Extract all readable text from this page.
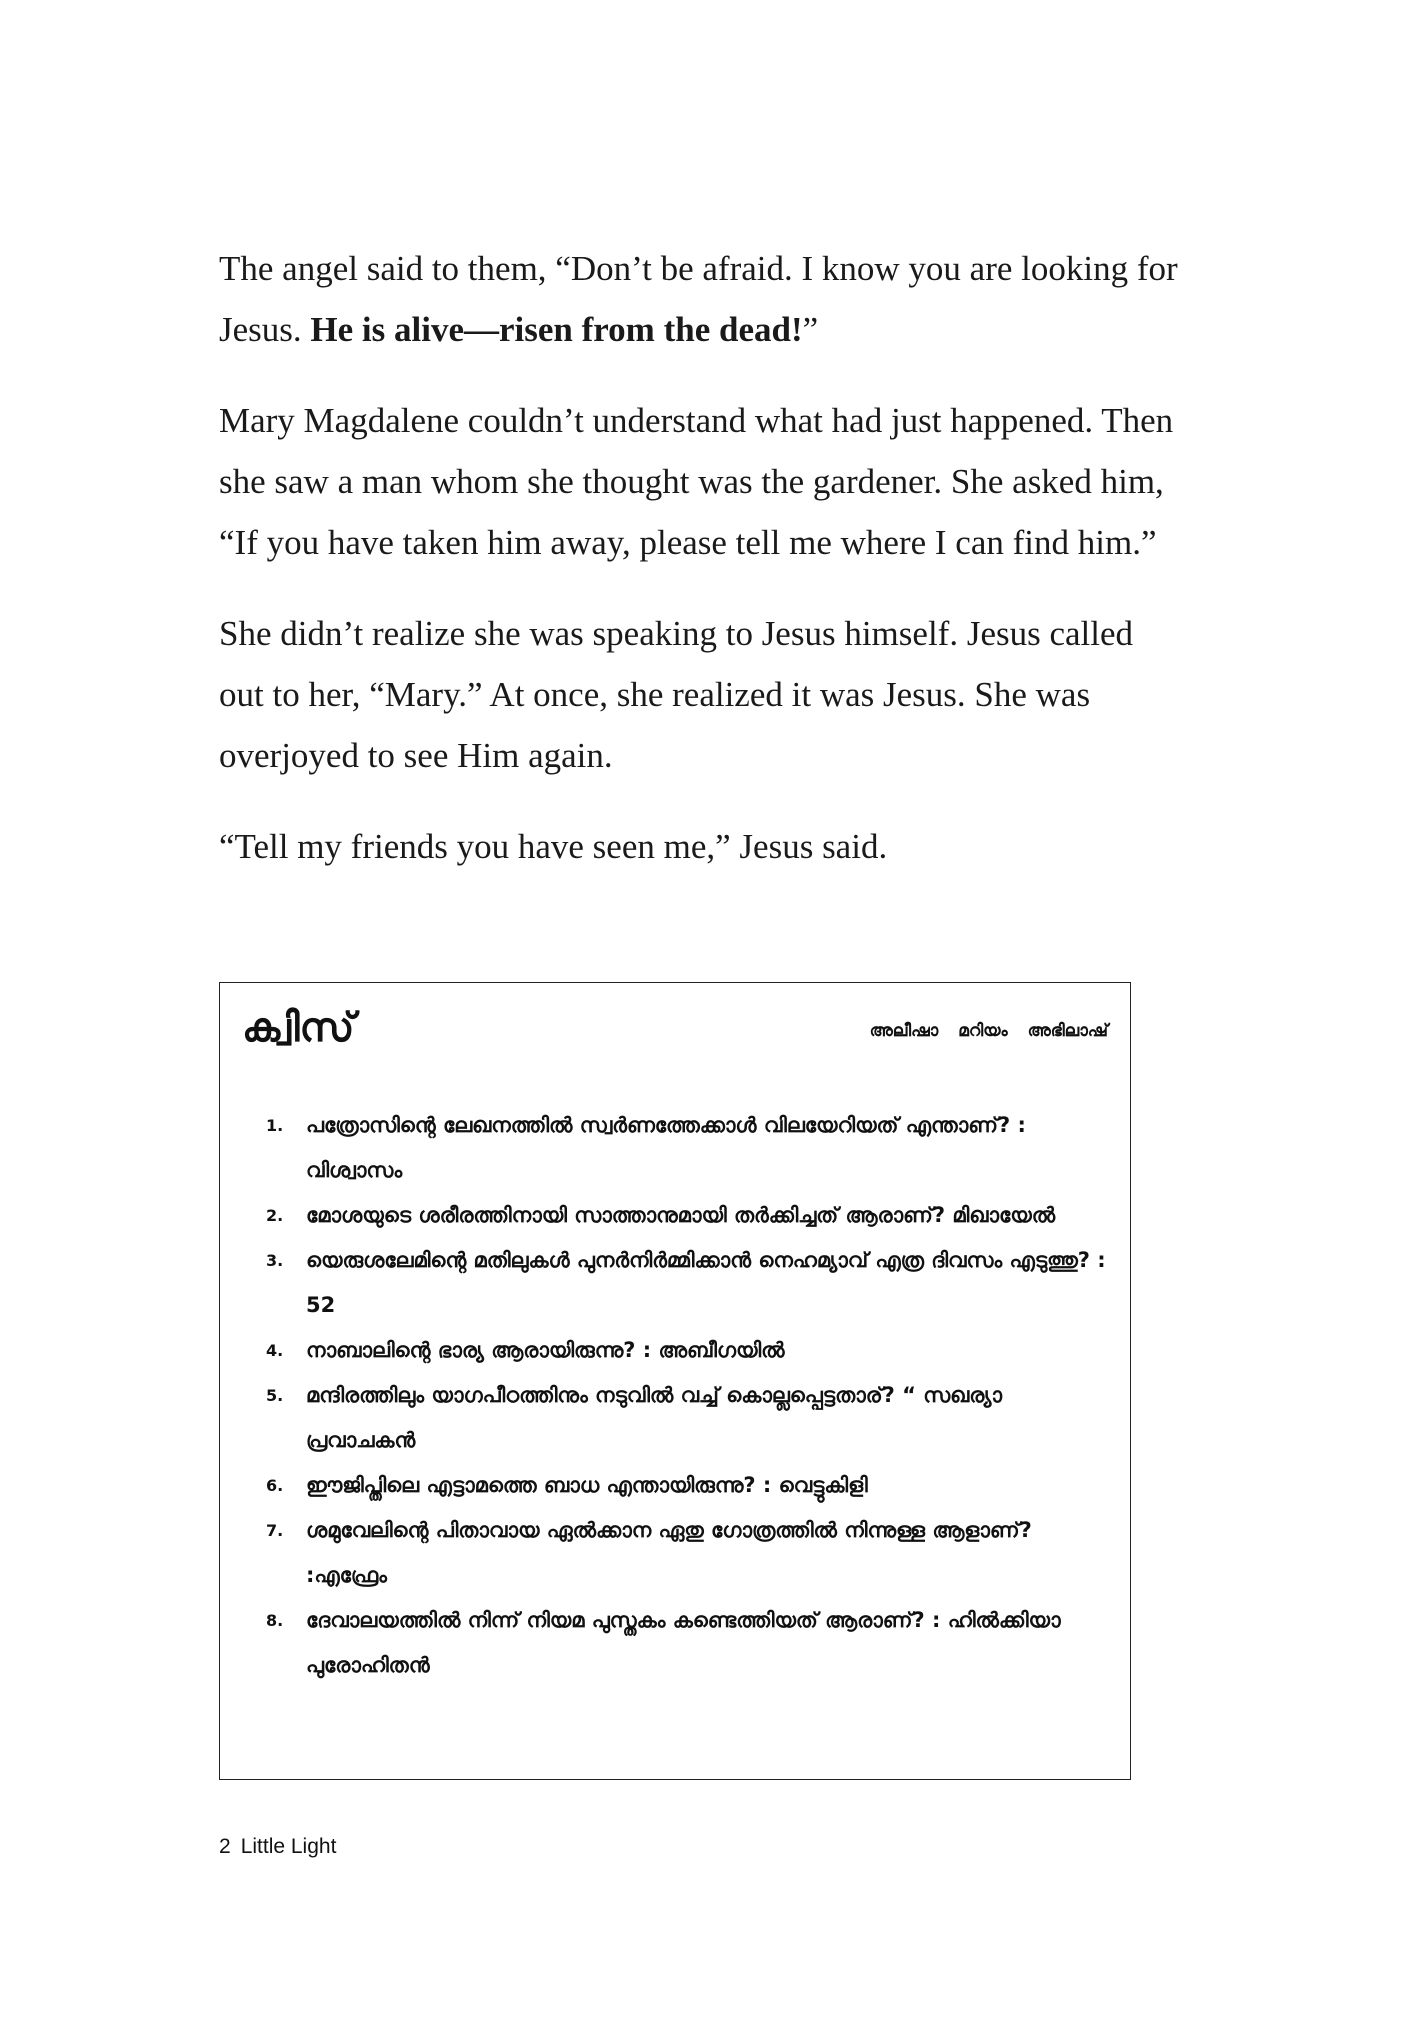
The angel said to them, “Don’t be afraid. I know you are looking for Jesus. He is alive—risen from the dead!”

Mary Magdalene couldn’t understand what had just happened. Then she saw a man whom she thought was the gardener. She asked him, “If you have taken him away, please tell me where I can find him.”

She didn’t realize she was speaking to Jesus himself. Jesus called out to her, “Mary.” At once, she realized it was Jesus. She was overjoyed to see Him again.

“Tell my friends you have seen me,” Jesus said.

ക്വിസ്	അലീഷാ മറിയം അഭിലാഷ്
1.	പത്രോസിന്റെ ലേഖനത്തിൽ സ്വർണത്തേക്കാൾ വിലയേറിയത് എന്താണ്? : വിശ്വാസം
2.	മോശയുടെ ശരീരത്തിനായി സാത്താനുമായി തർക്കിച്ചത് ആരാണ്? മിഖായേൽ
3.	യെരുശലേമിന്റെ മതിലുകൾ പുനർനിർമ്മിക്കാൻ നെഹമ്യാവ് എത്ര ദിവസം എടുത്തു? : 52
4.	നാബാലിന്റെ ഭാര്യ ആരായിരുന്നു? : അബീഗയിൽ
5.	മന്ദിരത്തിലും യാഗപീഠത്തിനും നടുവിൽ വച്ച് കൊല്ലപ്പെട്ടതാര്? “ സഖര്യാ പ്രവാചകൻ
6.	ഈജിപ്തിലെ എട്ടാമത്തെ ബാധ എന്തായിരുന്നു? : വെട്ടുകിളി
7.	ശമുവേലിന്റെ പിതാവായ ഏൽക്കാന ഏതു ഗോത്രത്തിൽ നിന്നുള്ള ആളാണ്? :എഫ്രേം
8.	ദേവാലയത്തിൽ നിന്ന് നിയമ പുസ്തകം കണ്ടെത്തിയത് ആരാണ്? : ഹിൽക്കിയാ പുരോഹിതൻ
2 Little Light
